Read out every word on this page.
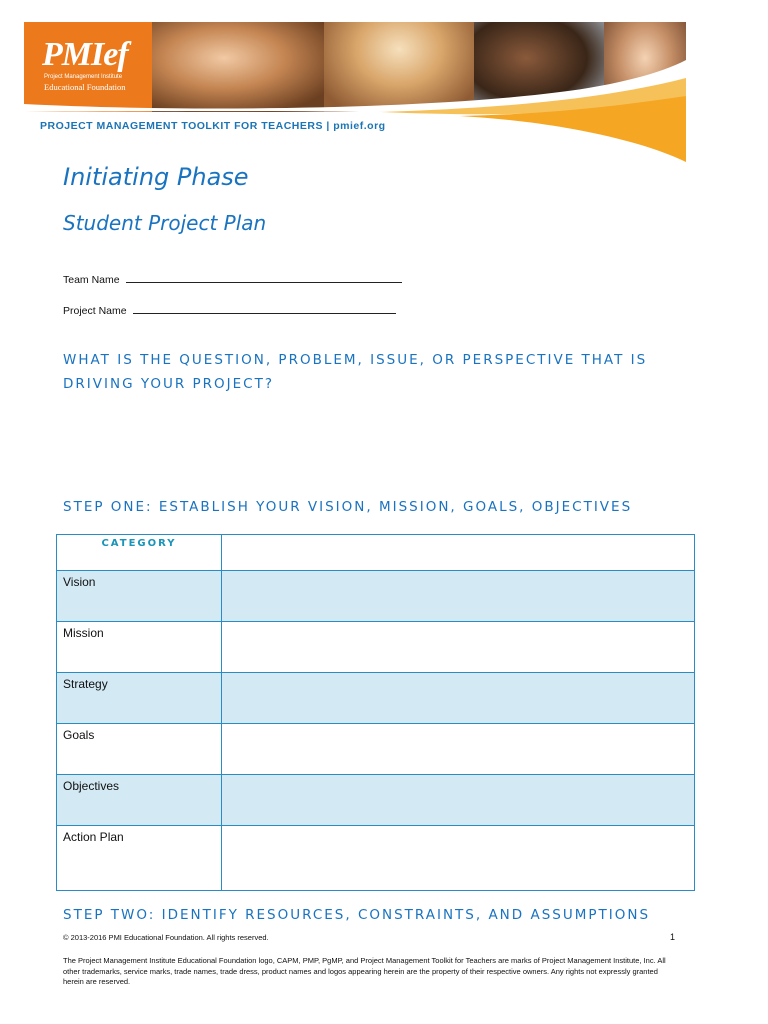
PMIef
Project Management Institute
Educational Foundation
PROJECT MANAGEMENT TOOLKIT FOR TEACHERS | pmief.org
Initiating Phase
Student Project Plan
Team Name
Project Name
WHAT IS THE QUESTION, PROBLEM, ISSUE, OR PERSPECTIVE THAT IS
DRIVING YOUR PROJECT?
STEP ONE: ESTABLISH YOUR VISION, MISSION, GOALS, OBJECTIVES
CATEGORY	
Vision	
Mission	
Strategy	
Goals	
Objectives	
Action Plan	
STEP TWO: IDENTIFY RESOURCES, CONSTRAINTS, AND ASSUMPTIONS
© 2013-2016 PMI Educational Foundation. All rights reserved.	1
The Project Management Institute Educational Foundation logo, CAPM, PMP, PgMP, and Project Management Toolkit for Teachers are marks of Project Management Institute, Inc. All other trademarks, service marks, trade names, trade dress, product names and logos appearing herein are the property of their respective owners. Any rights not expressly granted herein are reserved.
